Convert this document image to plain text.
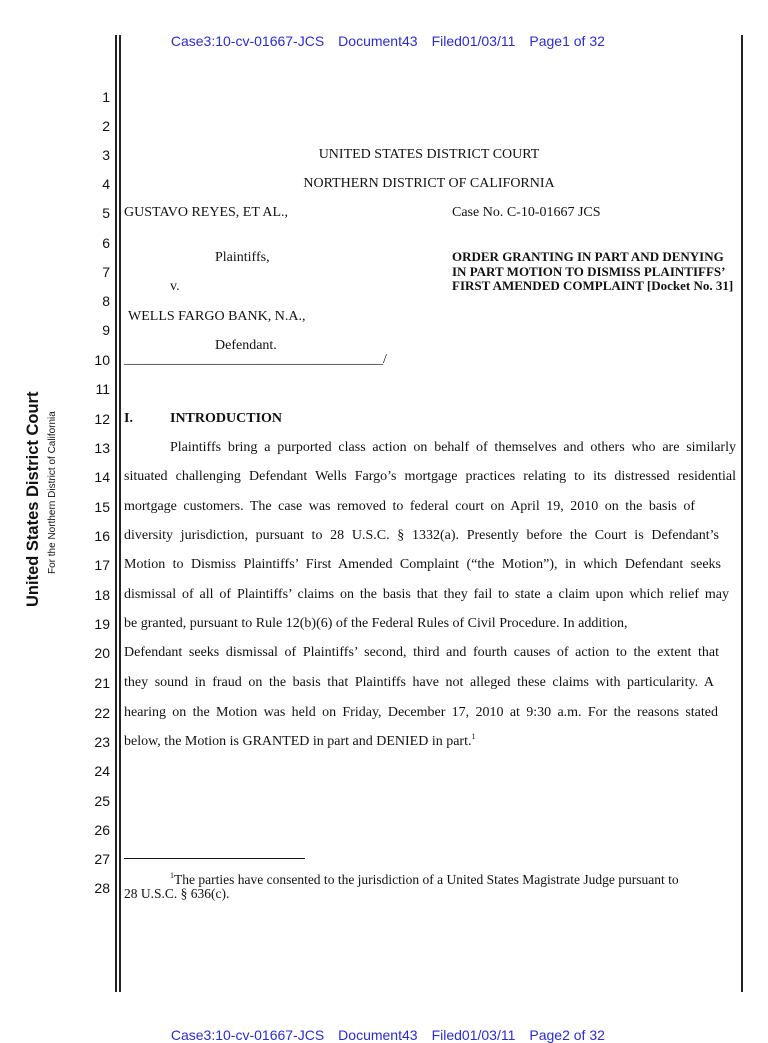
Case3:10-cv-01667-JCS Document43 Filed01/03/11 Page1 of 32

United States District Court For the Northern District of California
1
2
3
4
5
6
7
8
9
10
11
12
13
14
15
16
17
18
19
20
21
22
23
24
25
26
27
28
UNITED STATES DISTRICT COURT
NORTHERN DISTRICT OF CALIFORNIA
GUSTAVO REYES, ET AL.,
Plaintiffs,
v.
WELLS FARGO BANK, N.A.,
Defendant.
_____________________________________/
Case No. C-10-01667 JCS
ORDER GRANTING IN PART AND DENYING IN PART MOTION TO DISMISS PLAINTIFFS’ FIRST AMENDED COMPLAINT [Docket No. 31]
I.	INTRODUCTION
Plaintiffs bring a purported class action on behalf of themselves and others who are similarly
situated challenging Defendant Wells Fargo’s mortgage practices relating to its distressed residential
mortgage customers. The case was removed to federal court on April 19, 2010 on the basis of
diversity jurisdiction, pursuant to 28 U.S.C. § 1332(a). Presently before the Court is Defendant’s
Motion to Dismiss Plaintiffs’ First Amended Complaint (“the Motion”), in which Defendant seeks
dismissal of all of Plaintiffs’ claims on the basis that they fail to state a claim upon which relief may
be granted, pursuant to Rule 12(b)(6) of the Federal Rules of Civil Procedure. In addition,
Defendant seeks dismissal of Plaintiffs’ second, third and fourth causes of action to the extent that
they sound in fraud on the basis that Plaintiffs have not alleged these claims with particularity. A
hearing on the Motion was held on Friday, December 17, 2010 at 9:30 a.m. For the reasons stated
below, the Motion is GRANTED in part and DENIED in part.$^1$
$^1$The parties have consented to the jurisdiction of a United States Magistrate Judge pursuant to
28 U.S.C. § 636(c).

Case3:10-cv-01667-JCS Document43 Filed01/03/11 Page2 of 32
